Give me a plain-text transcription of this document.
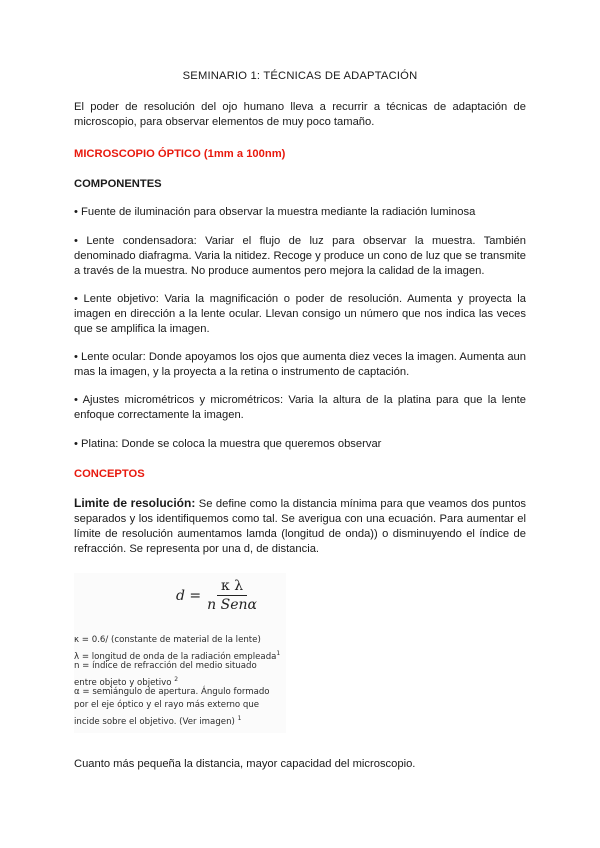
SEMINARIO 1: TÉCNICAS DE ADAPTACIÓN

El poder de resolución del ojo humano lleva a recurrir a técnicas de adaptación de microscopio, para observar elementos de muy poco tamaño.

MICROSCOPIO ÓPTICO (1mm a 100nm)

COMPONENTES

• Fuente de iluminación para observar la muestra mediante la radiación luminosa

• Lente condensadora: Variar el flujo de luz para observar la muestra. También denominado diafragma. Varia la nitidez. Recoge y produce un cono de luz que se transmite a través de la muestra. No produce aumentos pero mejora la calidad de la imagen.

• Lente objetivo: Varia la magnificación o poder de resolución. Aumenta y proyecta la imagen en dirección a la lente ocular. Llevan consigo un número que nos indica las veces que se amplifica la imagen.

• Lente ocular: Donde apoyamos los ojos que aumenta diez veces la imagen. Aumenta aun mas la imagen, y la proyecta a la retina o instrumento de captación.

• Ajustes micrométricos y micrométricos: Varia la altura de la platina para que la lente enfoque correctamente la imagen.

• Platina: Donde se coloca la muestra que queremos observar

CONCEPTOS

Limite de resolución: Se define como la distancia mínima para que veamos dos puntos separados y los identifiquemos como tal. Se averigua con una ecuación. Para aumentar el límite de resolución aumentamos lamda (longitud de onda)) o disminuyendo el índice de refracción. Se representa por una d, de distancia.

$d = \frac{\text{κ λ}}{\text{n Senα}}$
κ = 0.6/ (constante de material de la lente)
λ = longitud de onda de la radiación empleada$^1$
n = índice de refracción del medio situado
entre objeto y objetivo $^2$
α = semiángulo de apertura. Ángulo formado
por el eje óptico y el rayo más externo que
incide sobre el objetivo. (Ver imagen) $^1$

Cuanto más pequeña la distancia, mayor capacidad del microscopio.
